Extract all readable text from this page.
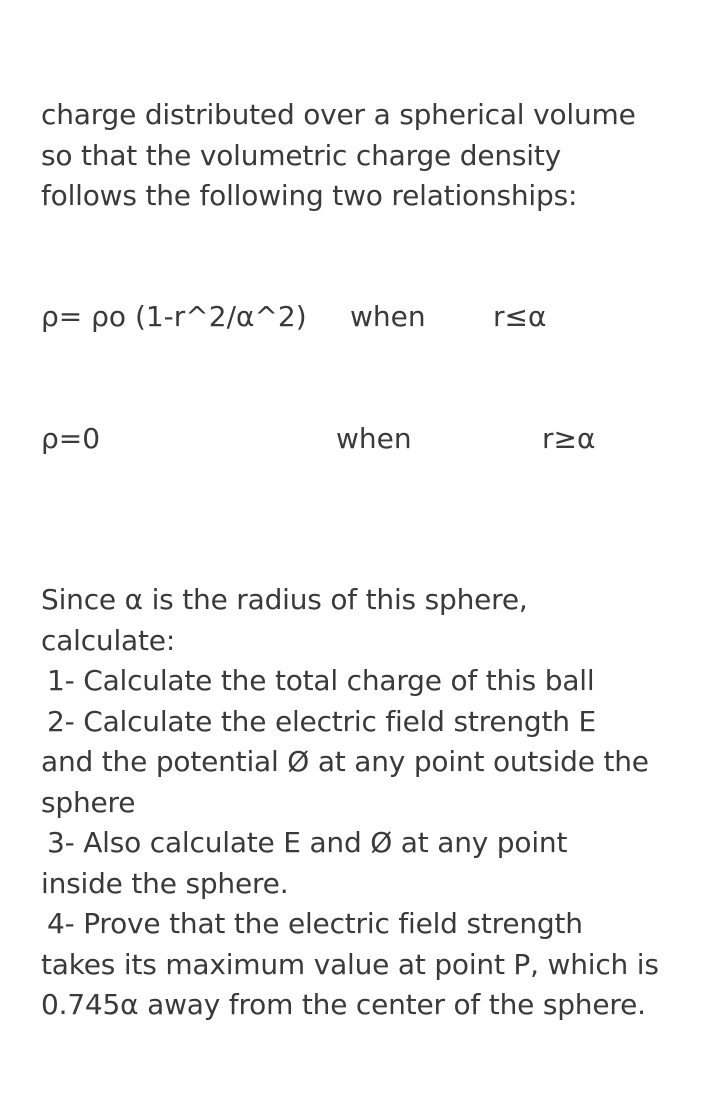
charge distributed over a spherical volume
so that the volumetric charge density
follows the following two relationships:
ρ= ρo (1-r^2/α^2) when r≤α
ρ=0	when	r≥α
Since α is the radius of this sphere,
calculate:
1- Calculate the total charge of this ball
2- Calculate the electric field strength E
and the potential Ø at any point outside the
sphere
3- Also calculate E and Ø at any point
inside the sphere.
4- Prove that the electric field strength
takes its maximum value at point P, which is
0.745α away from the center of the sphere.
